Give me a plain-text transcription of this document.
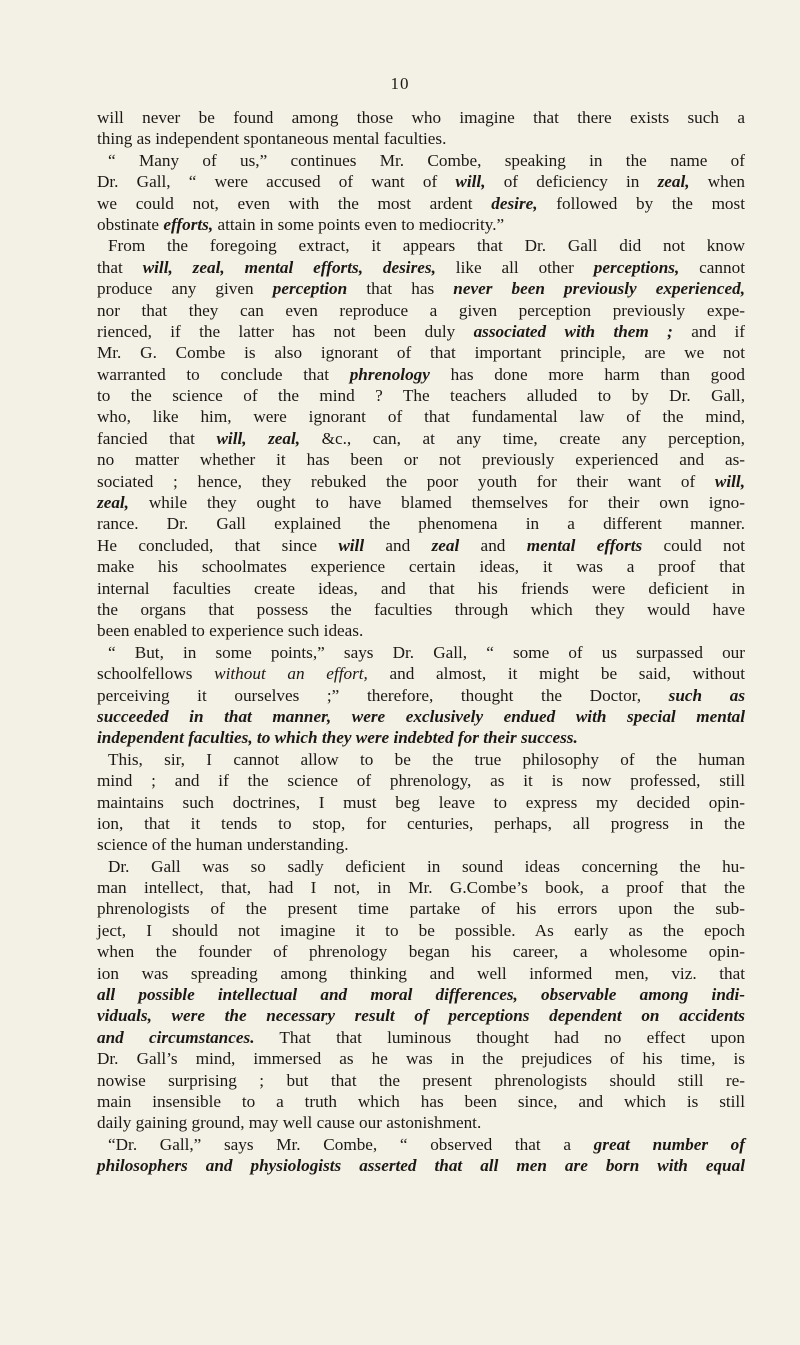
10
will never be found among those who imagine that there exists such a
thing as independent spontaneous mental faculties.
“ Many of us,” continues Mr. Combe, speaking in the name of
Dr. Gall, “ were accused of want of will, of deficiency in zeal, when
we could not, even with the most ardent desire, followed by the most
obstinate efforts, attain in some points even to mediocrity.”
From the foregoing extract, it appears that Dr. Gall did not know
that will, zeal, mental efforts, desires, like all other perceptions, cannot
produce any given perception that has never been previously experienced,
nor that they can even reproduce a given perception previously expe-
rienced, if the latter has not been duly associated with them ; and if
Mr. G. Combe is also ignorant of that important principle, are we not
warranted to conclude that phrenology has done more harm than good
to the science of the mind ? The teachers alluded to by Dr. Gall,
who, like him, were ignorant of that fundamental law of the mind,
fancied that will, zeal, &c., can, at any time, create any perception,
no matter whether it has been or not previously experienced and as-
sociated ; hence, they rebuked the poor youth for their want of will,
zeal, while they ought to have blamed themselves for their own igno-
rance. Dr. Gall explained the phenomena in a different manner.
He concluded, that since will and zeal and mental efforts could not
make his schoolmates experience certain ideas, it was a proof that
internal faculties create ideas, and that his friends were deficient in
the organs that possess the faculties through which they would have
been enabled to experience such ideas.
“ But, in some points,” says Dr. Gall, “ some of us surpassed our
schoolfellows without an effort, and almost, it might be said, without
perceiving it ourselves ;” therefore, thought the Doctor, such as
succeeded in that manner, were exclusively endued with special mental
independent faculties, to which they were indebted for their success.
This, sir, I cannot allow to be the true philosophy of the human
mind ; and if the science of phrenology, as it is now professed, still
maintains such doctrines, I must beg leave to express my decided opin-
ion, that it tends to stop, for centuries, perhaps, all progress in the
science of the human understanding.
Dr. Gall was so sadly deficient in sound ideas concerning the hu-
man intellect, that, had I not, in Mr. G.Combe’s book, a proof that the
phrenologists of the present time partake of his errors upon the sub-
ject, I should not imagine it to be possible. As early as the epoch
when the founder of phrenology began his career, a wholesome opin-
ion was spreading among thinking and well informed men, viz. that
all possible intellectual and moral differences, observable among indi-
viduals, were the necessary result of perceptions dependent on accidents
and circumstances. That that luminous thought had no effect upon
Dr. Gall’s mind, immersed as he was in the prejudices of his time, is
nowise surprising ; but that the present phrenologists should still re-
main insensible to a truth which has been since, and which is still
daily gaining ground, may well cause our astonishment.
“Dr. Gall,” says Mr. Combe, “ observed that a great number of
philosophers and physiologists asserted that all men are born with equal
